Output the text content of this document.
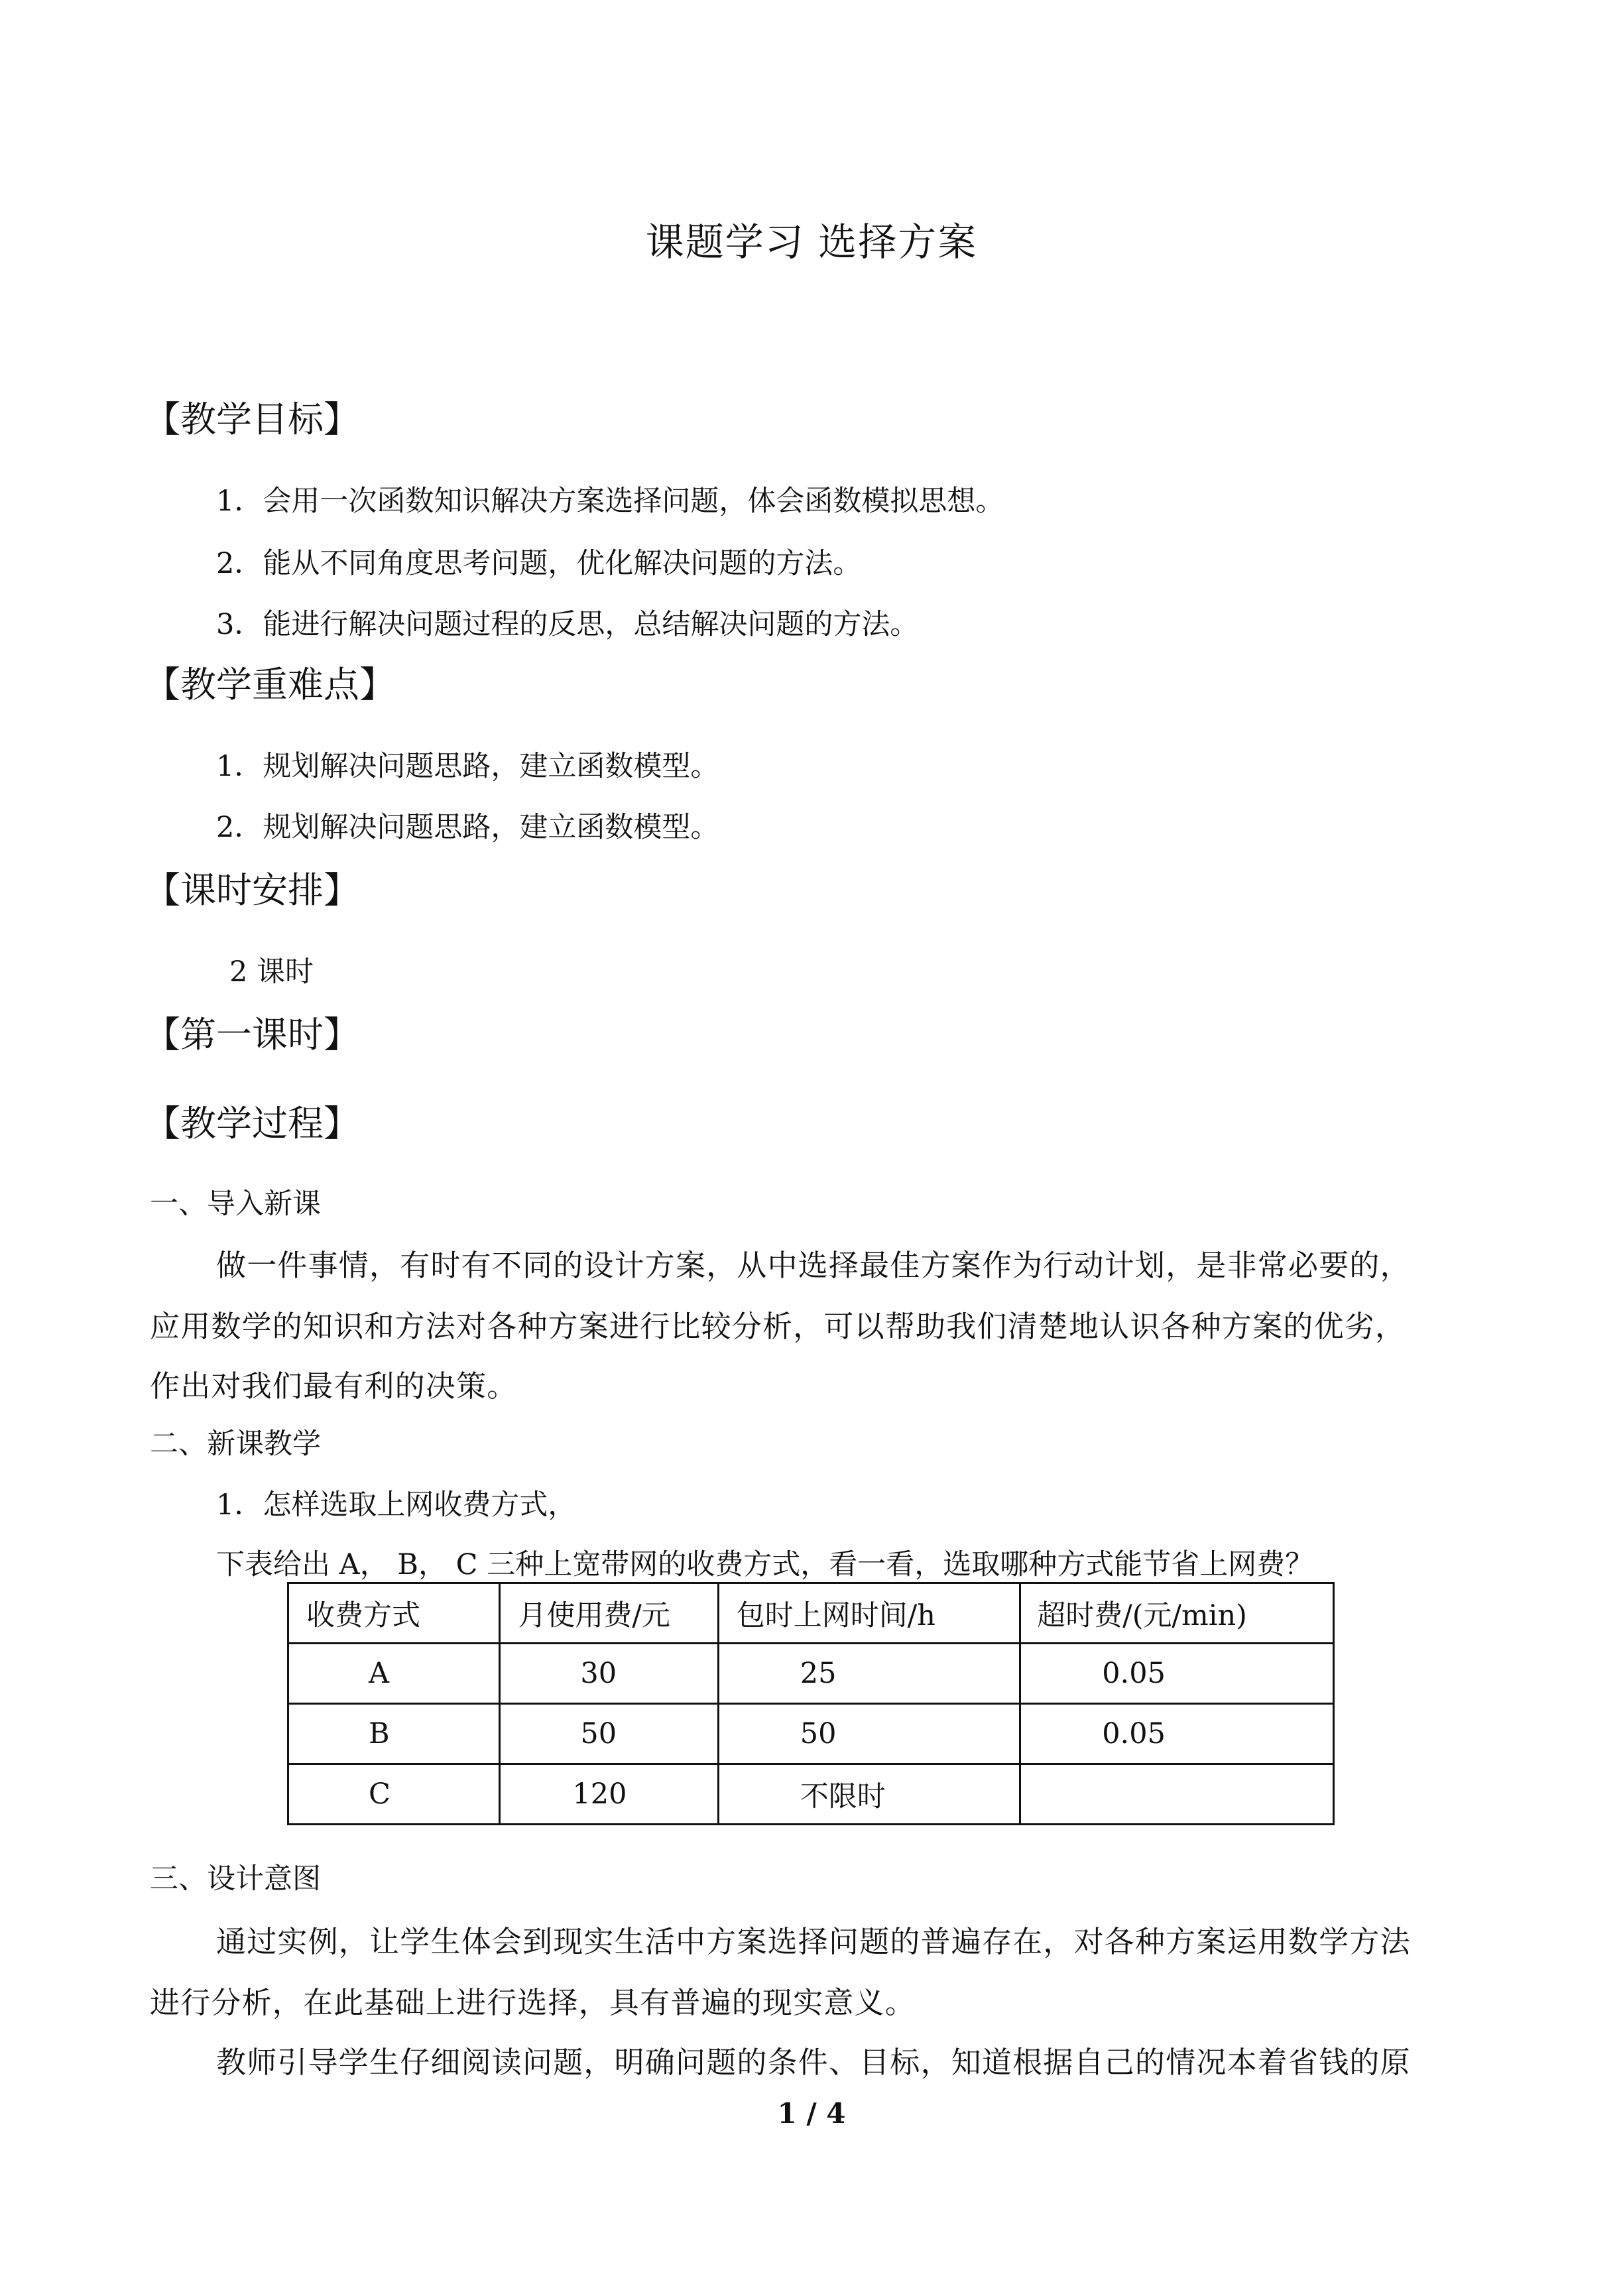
课题学习 选择方案
【教学目标】

1．会用一次函数知识解决方案选择问题，体会函数模拟思想。

2．能从不同角度思考问题，优化解决问题的方法。

3．能进行解决问题过程的反思，总结解决问题的方法。

【教学重难点】

1．规划解决问题思路，建立函数模型。

2．规划解决问题思路，建立函数模型。

【课时安排】

2 课时

【第一课时】
【教学过程】

一、导入新课

做一件事情，有时有不同的设计方案，从中选择最佳方案作为行动计划，是非常必要的，

应用数学的知识和方法对各种方案进行比较分析，可以帮助我们清楚地认识各种方案的优劣，

作出对我们最有利的决策。

二、新课教学

1．怎样选取上网收费方式，

下表给出 A， B， C 三种上宽带网的收费方式，看一看，选取哪种方式能节省上网费？

收费方式	月使用费/元	包时上网时间/h	超时费/(元/min)
A	30	25	0.05
B	50	50	0.05
C	120	不限时	

三、设计意图

通过实例，让学生体会到现实生活中方案选择问题的普遍存在，对各种方案运用数学方法

进行分析，在此基础上进行选择，具有普遍的现实意义。

教师引导学生仔细阅读问题，明确问题的条件、目标，知道根据自己的情况本着省钱的原

1 / 4
